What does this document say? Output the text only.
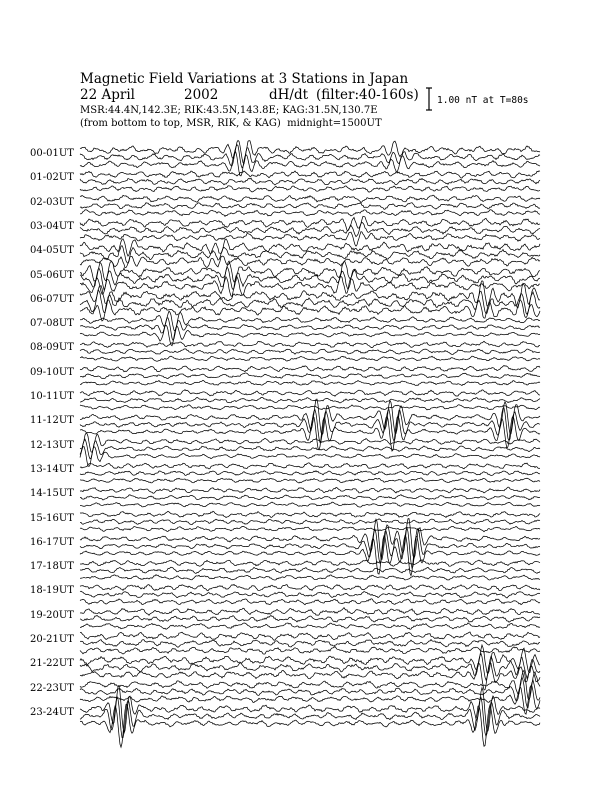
Magnetic Field Variations at 3 Stations in Japan
22 April	2002	dH/dt (filter:40-160s)
MSR:44.4N,142.3E; RIK:43.5N,143.8E; KAG:31.5N,130.7E
(from bottom to top, MSR, RIK, & KAG) midnight=1500UT
1.00 nT at T=80s
00-01UT
01-02UT
02-03UT
03-04UT
04-05UT
05-06UT
06-07UT
07-08UT
08-09UT
09-10UT
10-11UT
11-12UT
12-13UT
13-14UT
14-15UT
15-16UT
16-17UT
17-18UT
18-19UT
19-20UT
20-21UT
21-22UT
22-23UT
23-24UT
